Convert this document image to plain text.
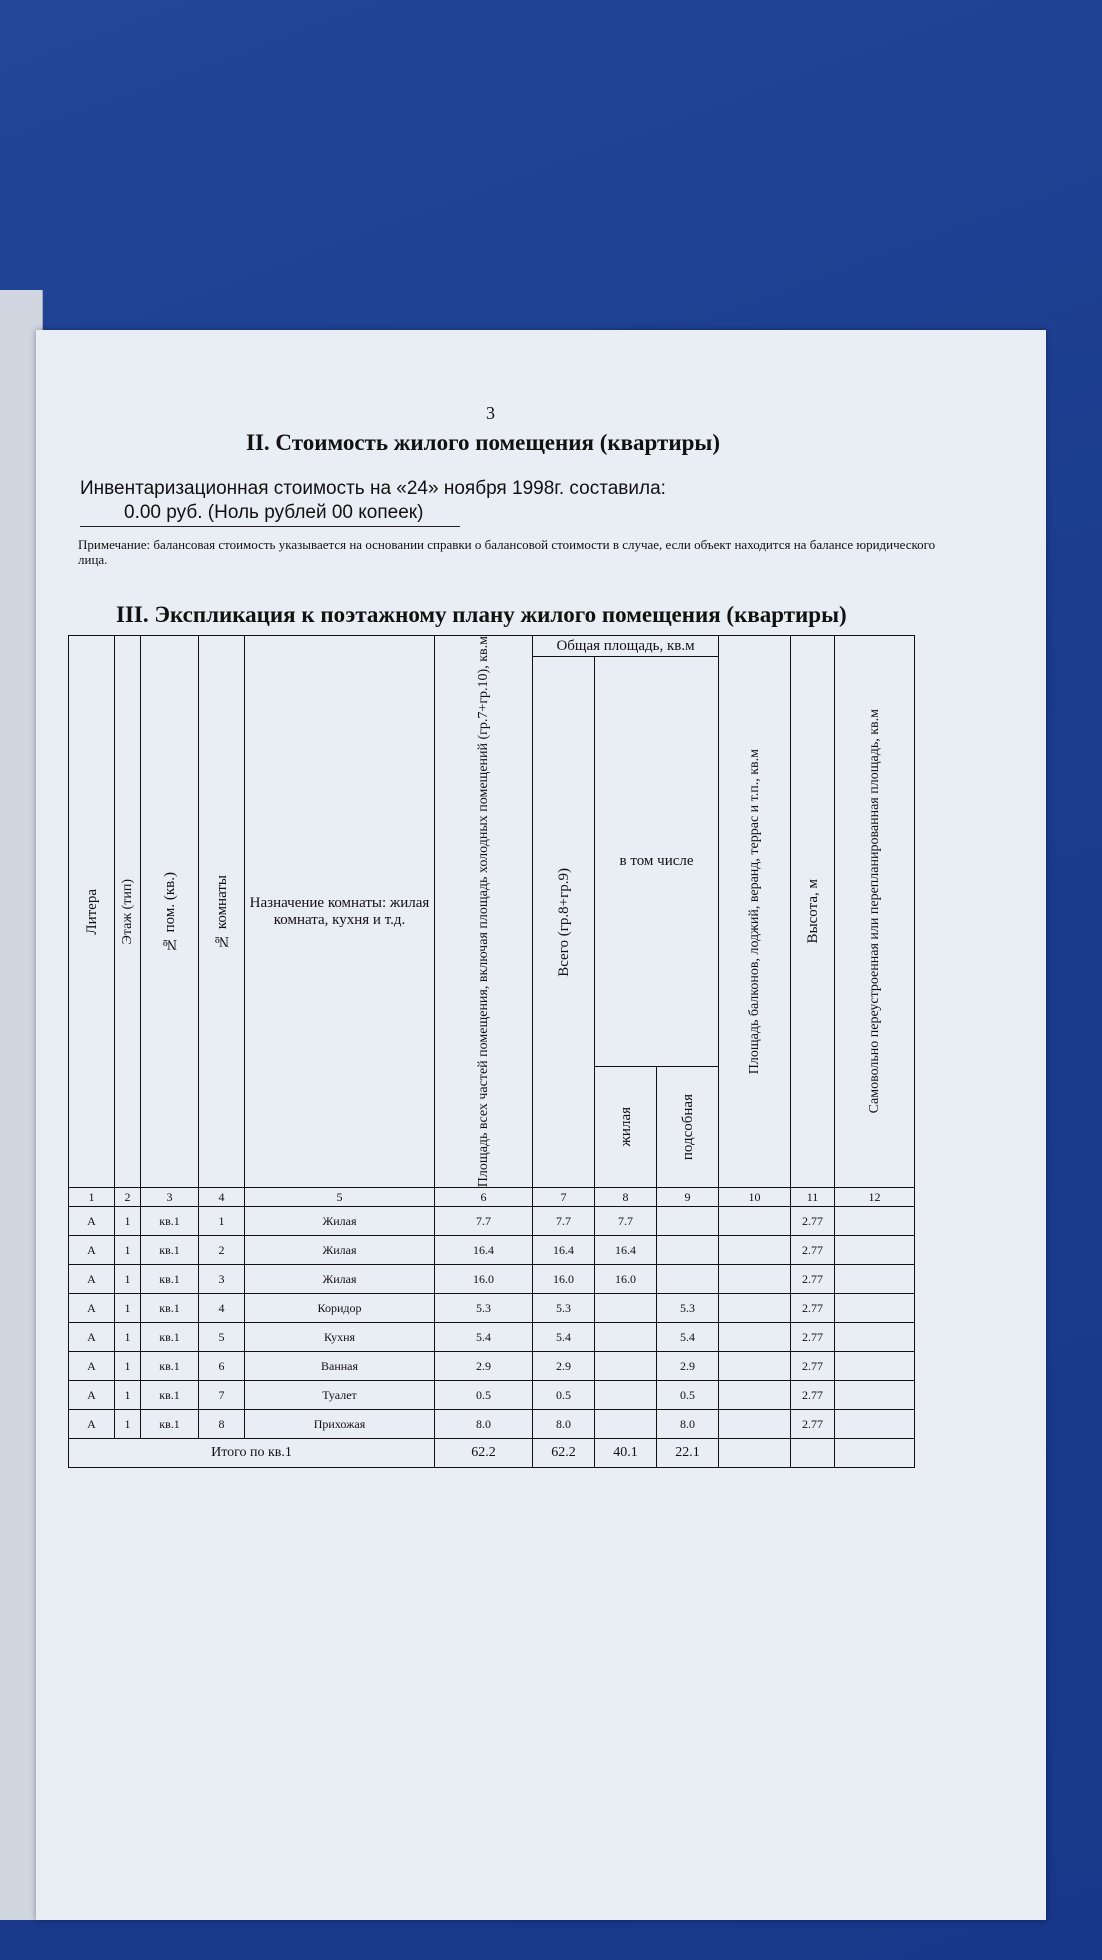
3
II. Стоимость жилого помещения (квартиры)
Инвентаризационная стоимость на «24» ноября 1998г. составила:
0.00 руб. (Ноль рублей 00 копеек)
Примечание: балансовая стоимость указывается на основании справки о балансовой стоимости в случае, если объект находится на балансе юридического лица.
III. Экспликация к поэтажному плану жилого помещения (квартиры)
Литера	Этаж (тип)	№ пом. (кв.)	№ комнаты	Назначение комнаты: жилая комната, кухня и т.д.	Площадь всех частей помещения, включая площадь холодных помещений (гр.7+гр.10), кв.м	Общая площадь, кв.м			Площадь балконов, лоджий, веранд, террас и т.п., кв.м	Высота, м	Самовольно переустроенная или перепланированная площадь, кв.м

						Всего (гр.8+гр.9)	в том числе				

							жилая	подсобная			

1	2	3	4	5	6	7	8	9	10	11	12
А	1	кв.1	1	Жилая	7.7	7.7	7.7			2.77	
А	1	кв.1	2	Жилая	16.4	16.4	16.4			2.77	
А	1	кв.1	3	Жилая	16.0	16.0	16.0			2.77	
А	1	кв.1	4	Коридор	5.3	5.3		5.3		2.77	
А	1	кв.1	5	Кухня	5.4	5.4		5.4		2.77	
А	1	кв.1	6	Ванная	2.9	2.9		2.9		2.77	
А	1	кв.1	7	Туалет	0.5	0.5		0.5		2.77	
А	1	кв.1	8	Прихожая	8.0	8.0		8.0		2.77	
Итого по кв.1					62.2	62.2	40.1	22.1			
